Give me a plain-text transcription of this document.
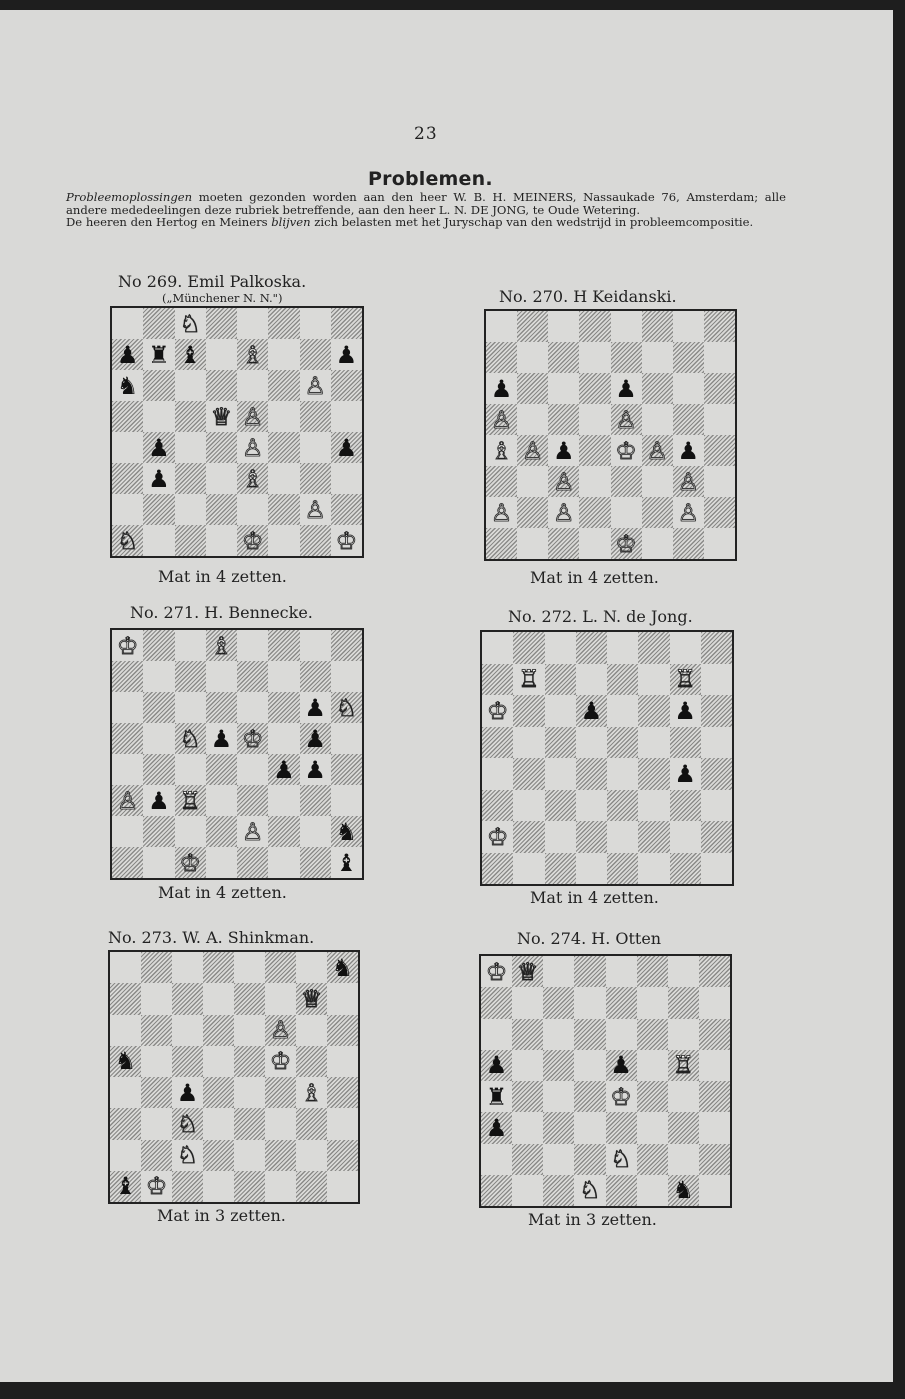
23
Problemen.

Probleemoplossingen moeten gezonden worden aan den heer W. B. H. MEINERS, Nassaukade 76, Amsterdam; alle andere mededeelingen deze rubriek betreffende, aan den heer L. N. DE JONG, te Oude Wetering.

De heeren den Hertog en Meiners blijven zich belasten met het Juryschap van den wedstrijd in probleemcompositie.

No 269. Emil Palkoska.
(„Münchener N. N.")
♘
♟ ♜ ♝ ♗	♟
♞	♙
♕ ♙
♟	♙	♟
♟	♗
♙
♘	♔	♔
Mat in 4 zetten.
No. 270. H Keidanski.
♟	♟
♙	♙
♗ ♙ ♟ ♔ ♙ ♟
♙	♙
♙ ♙	♙
♔
Mat in 4 zetten.
No. 271. H. Bennecke.
♔	♗
♟ ♘
♘ ♟ ♔ ♟
♟ ♟
♙ ♟ ♖
♙	♞
♔	♝
Mat in 4 zetten.
No. 272. L. N. de Jong.
♖	♖
♔	♟	♟
♟
♔
Mat in 4 zetten.
No. 273. W. A. Shinkman.
♞
♕
♙
♞	♔
♟	♗
♘
♘
♝ ♔
Mat in 3 zetten.
No. 274. H. Otten
♔ ♕
♟	♟ ♖
♜	♔
♟
♘
♘	♞
Mat in 3 zetten.
